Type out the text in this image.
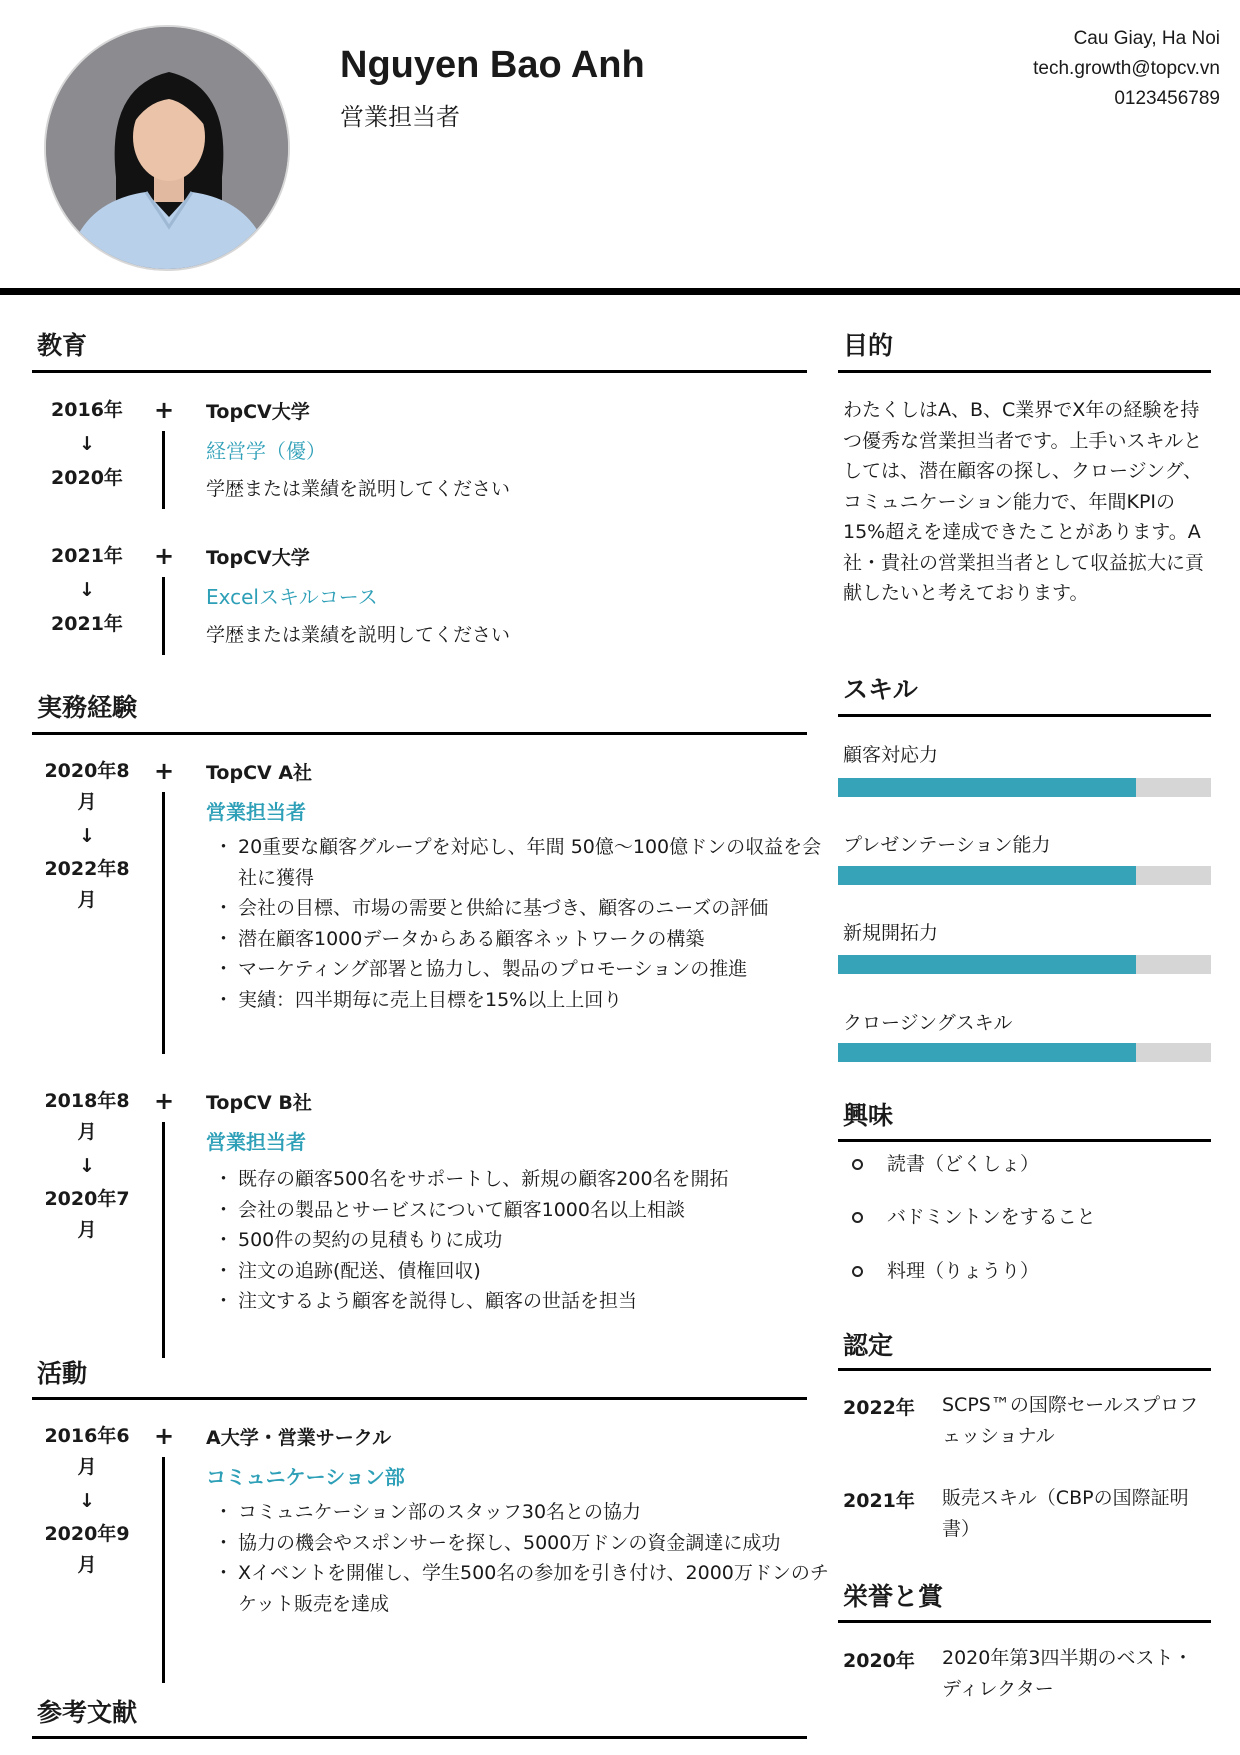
Nguyen Bao Anh
営業担当者
Cau Giay, Ha Noi
tech.growth@topcv.vn
0123456789
教育
2016年
↓
2020年
+ TopCV大学
経営学（優）
学歴または業績を説明してください
2021年
↓
2021年
+ TopCV大学
Excelスキルコース
学歴または業績を説明してください
実務経験
2020年8
月
↓
2022年8
月
+ TopCV A社
営業担当者
・ 20重要な顧客グループを対応し、年間 50億～100億ドンの収益を会社に獲得
・ 会社の目標、市場の需要と供給に基づき、顧客のニーズの評価
・ 潜在顧客1000データからある顧客ネットワークの構築
・ マーケティング部署と協力し、製品のプロモーションの推進
・ 実績：四半期毎に売上目標を15%以上上回り
2018年8
月
↓
2020年7
月
+ TopCV B社
営業担当者
・ 既存の顧客500名をサポートし、新規の顧客200名を開拓
・ 会社の製品とサービスについて顧客1000名以上相談
・ 500件の契約の見積もりに成功
・ 注文の追跡(配送、債権回収)
・ 注文するよう顧客を説得し、顧客の世話を担当
活動
2016年6
月
↓
2020年9
月
+ A大学・営業サークル
コミュニケーション部
・ コミュニケーション部のスタッフ30名との協力
・ 協力の機会やスポンサーを探し、5000万ドンの資金調達に成功
・ Xイベントを開催し、学生500名の参加を引き付け、2000万ドンのチケット販売を達成
参考文献
目的
わたくしはA、B、C業界でX年の経験を持つ優秀な営業担当者です。上手いスキルとしては、潜在顧客の探し、クロージング、コミュニケーション能力で、年間KPIの15%超えを達成できたことがあります。A社・貴社の営業担当者として収益拡大に貢献したいと考えております。
スキル
顧客対応力
プレゼンテーション能力
新規開拓力
クロージングスキル
興味
読書（どくしょ）
バドミントンをすること
料理（りょうり）
認定
2022年 SCPS™の国際セールスプロフェッショナル
2021年 販売スキル（CBPの国際証明書）
栄誉と賞
2020年 2020年第3四半期のベスト・ディレクター
